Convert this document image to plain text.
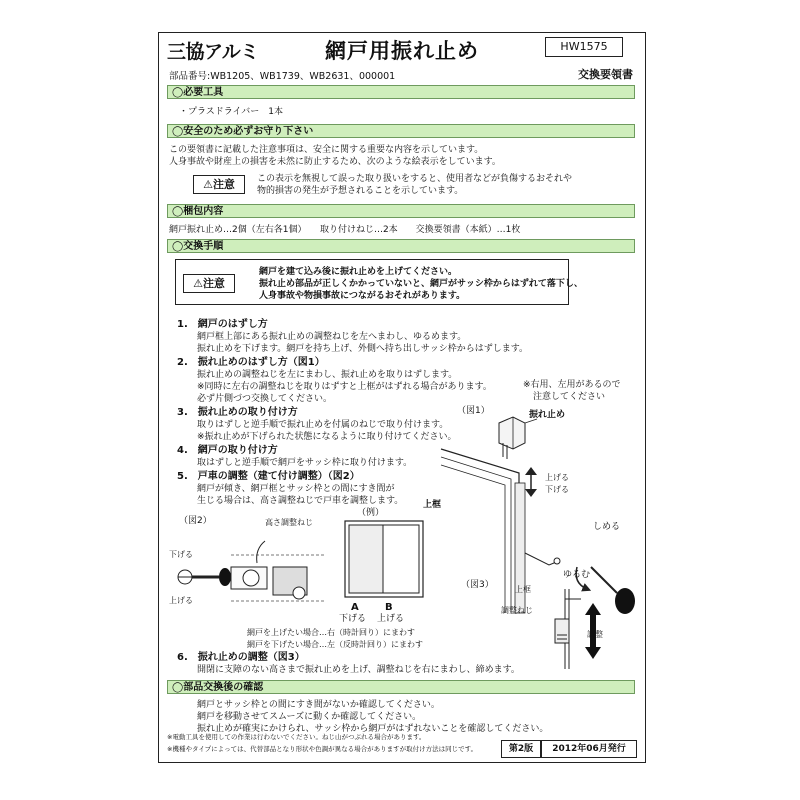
三協アルミ	網戸用振れ止め	HW1575
部品番号:WB1205、WB1739、WB2631、000001	交換要領書
◯必要工具
・プラスドライバー　1本
◯安全のため必ずお守り下さい
この要領書に記載した注意事項は、安全に関する重要な内容を示しています。
人身事故や財産上の損害を未然に防止するため、次のような絵表示をしています。
⚠注意	この表示を無視して誤った取り扱いをすると、使用者などが負傷するおそれや
物的損害の発生が予想されることを示しています。
◯梱包内容
網戸振れ止め…2個（左右各1個）　　取り付けねじ…2本　　交換要領書（本紙）…1枚
◯交換手順
⚠注意
網戸を建て込み後に振れ止めを上げてください。
振れ止め部品が正しくかかっていないと、網戸がサッシ枠からはずれて落下し、
人身事故や物損事故につながるおそれがあります。
1.　網戸のはずし方
網戸框上部にある振れ止めの調整ねじを左へまわし、ゆるめます。
振れ止めを下げます。網戸を持ち上げ、外側へ持ち出しサッシ枠からはずします。
2.　振れ止めのはずし方（図1）
振れ止めの調整ねじを左にまわし、振れ止めを取りはずします。
※同時に左右の調整ねじを取りはずすと上框がはずれる場合があります。
必ず片側づつ交換してください。
3.　振れ止めの取り付け方
取りはずしと逆手順で振れ止めを付属のねじで取り付けます。
※振れ止めが下げられた状態になるように取り付けてください。
4.　網戸の取り付け方
取はずしと逆手順で網戸をサッシ枠に取り付けます。
5.　戸車の調整（建て付け調整）（図2）
網戸が傾き、網戸框とサッシ枠との間にすき間が
生じる場合は、高さ調整ねじで戸車を調整します。
※右用、左用があるので
注意してください
（図1）	振れ止め
上げる
下げる
上框
しめる
ゆるむ
（図2）	高さ調整ねじ
下げる
上げる
（例）
A	B
下げる 上げる
（図3）	上框
調整ねじ
調整
網戸を上げたい場合…右（時計回り）にまわす
網戸を下げたい場合…左（反時計回り）にまわす
6.　振れ止めの調整（図3）
開閉に支障のない高さまで振れ止めを上げ、調整ねじを右にまわし、締めます。
◯部品交換後の確認
網戸とサッシ枠との間にすき間がないか確認してください。
網戸を移動させてスムーズに動くか確認してください。
振れ止めが確実にかけられ、サッシ枠から網戸がはずれないことを確認してください。
※電動工具を使用しての作業は行わないでください。ねじ山がつぶれる場合があります。
※機種やタイプによっては、代替部品となり形状や色調が異なる場合がありますが取付け方法は同じです。	第2版	2012年06月発行
